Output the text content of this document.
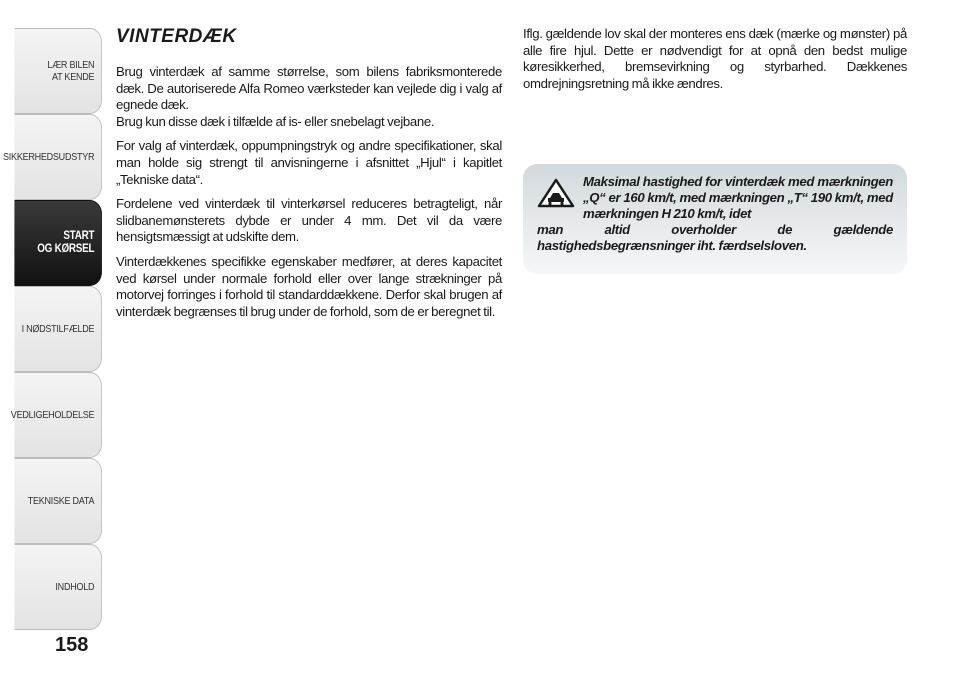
LÆR BILEN
AT KENDE
SIKKERHEDSUDSTYR
START
OG KØRSEL
I NØDSTILFÆLDE
VEDLIGEHOLDELSE
TEKNISKE DATA
INDHOLD
158
VINTERDÆK

Brug vinterdæk af samme størrelse, som bilens fabriksmonterede dæk. De autoriserede Alfa Romeo værksteder kan vejlede dig i valg af egnede dæk.

Brug kun disse dæk i tilfælde af is- eller snebelagt vejbane.

For valg af vinterdæk, oppumpningstryk og andre specifikationer, skal man holde sig strengt til anvisningerne i afsnittet „Hjul“ i kapitlet „Tekniske data“.

Fordelene ved vinterdæk til vinterkørsel reduceres betragteligt, når slidbanemønsterets dybde er under 4 mm. Det vil da være hensigtsmæssigt at udskifte dem.

Vinterdækkenes specifikke egenskaber medfører, at deres kapacitet ved kørsel under normale forhold eller over lange strækninger på motorvej forringes i forhold til standarddækkene. Derfor skal brugen af vinterdæk begrænses til brug under de forhold, som de er beregnet til.

Iflg. gældende lov skal der monteres ens dæk (mærke og mønster) på alle fire hjul. Dette er nødvendigt for at opnå den bedst mulige køresikkerhed, bremsevirkning og styrbarhed. Dækkenes omdrejningsretning må ikke ændres.

Maksimal hastighed for vinterdæk med mærkningen „Q“ er 160 km/t, med mærkningen „T“ 190 km/t, med mærkningen H 210 km/t, idet
man altid overholder de gældende hastighedsbegrænsninger iht. færdselsloven.
